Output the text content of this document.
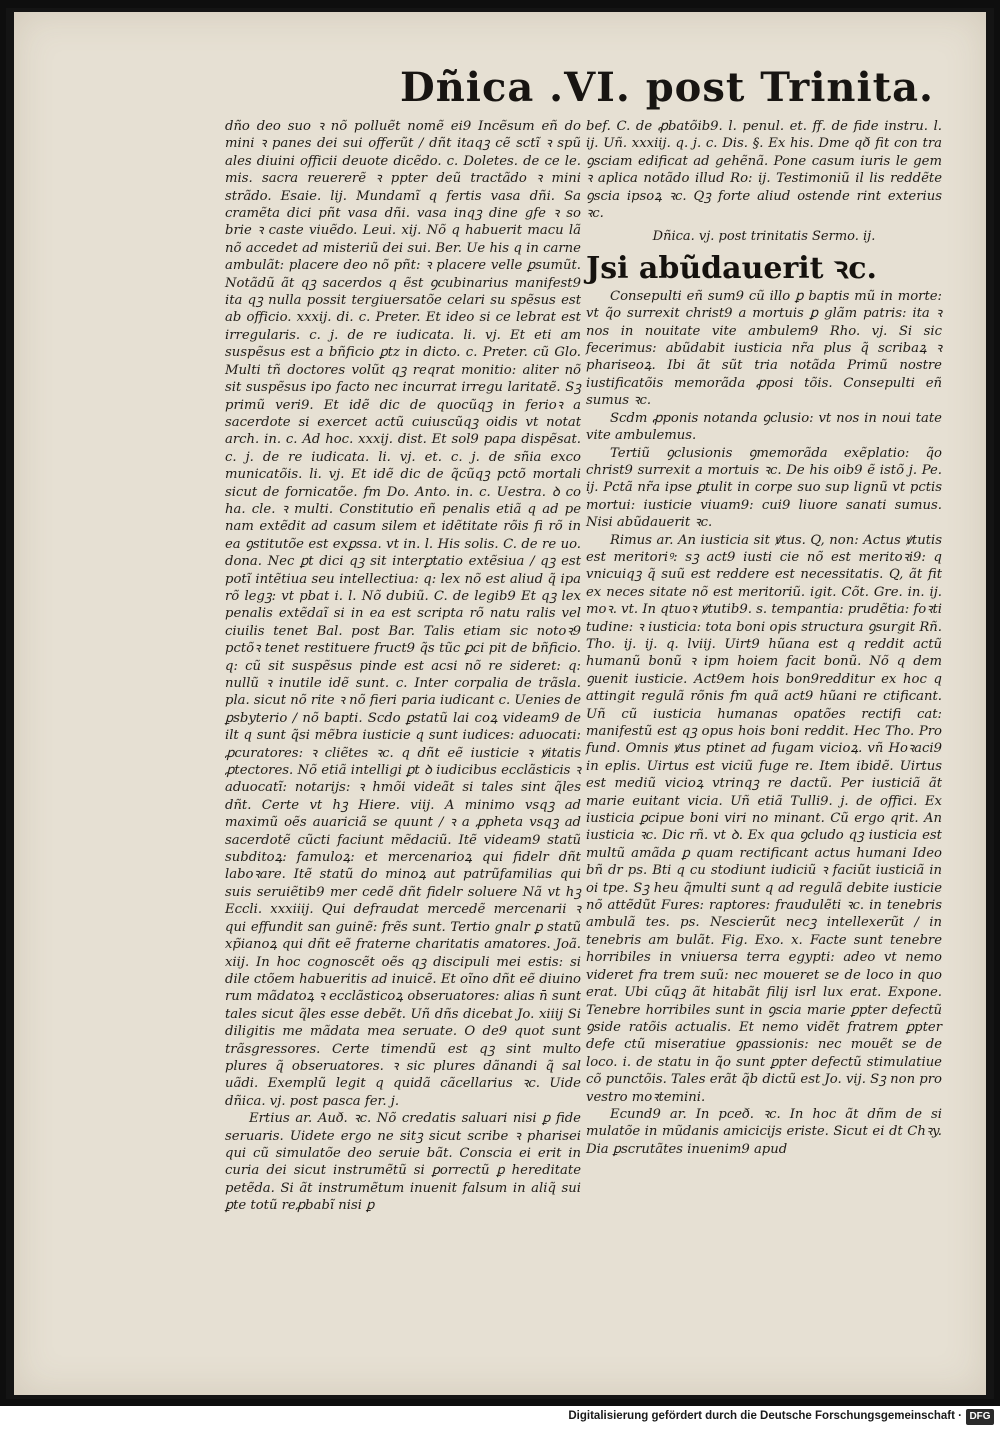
Dñica .VI. post Trinita.

dño deo suo ꝛ nõ polluẽt nomẽ ei9 Incẽsum eñ do mini ꝛ panes dei sui offerũt / dñt itaqꝫ cẽ sctĩ ꝛ spũ ales diuini officii deuote dicẽdo. c. Doletes. de ce le. mis. sacra reuererẽ ꝛ ppter deũ tractãdo ꝛ mini strãdo. Esaie. lij. Mundamĩ q fertis vasa dñi. Sa cramẽta dici pñt vasa dñi. vasa inqꝫ dine gfe ꝛ so brie ꝛ caste viuẽdo. Leui. xij. Nõ q habuerit macu lã nõ accedet ad misteriũ dei sui. Ber. Ue his q in carne ambulãt: placere deo nõ pñt: ꝛ placere velle ꝑsumũt. Notãdũ ãt qꝫ sacerdos q ẽst ꝯcubinarius manifest9 ita qꝫ nulla possit tergiuersatõe celari su spẽsus est ab officio. xxxij. di. c. Preter. Et ideo si ce lebrat est irregularis. c. j. de re iudicata. li. vj. Et eti am suspẽsus est a bñficio ꝑtz in dicto. c. Preter. cũ Glo. Multi tñ doctores volũt qꝫ reqrat monitio: aliter nõ sit suspẽsus ipo facto nec incurrat irregu laritatẽ. Sꝫ primũ veri9. Et idẽ dic de quocũqꝫ in ferioꝛ a sacerdote si exercet actũ cuiuscũqꝫ oidis vt notat arch. in. c. Ad hoc. xxxij. dist. Et sol9 papa dispẽsat. c. j. de re iudicata. li. vj. et. c. j. de sñia exco municatõis. li. vj. Et idẽ dic de q̃cũqꝫ pctõ mortali sicut de fornicatõe. fm Do. Anto. in. c. Uestra. ꝺ co ha. cle. ꝛ multi. Constitutio eñ penalis etiã q ad pe nam extẽdit ad casum silem et idẽtitate rõis fi rõ in ea ꝯstitutõe est exꝑssa. vt in. l. His solis. C. de re uo. dona. Nec ꝑt dici qꝫ sit interꝑtatio extẽsiua / qꝫ est potĩ intẽtiua seu intellectiua: q: lex nõ est aliud q̃ ipa rõ legꝫ: vt pbat i. l. Nõ dubiũ. C. de legib9 Et qꝫ lex penalis extẽdaĩ si in ea est scripta rõ natu ralis vel ciuilis tenet Bal. post Bar. Talis etiam sic notoꝛ9 pctõꝛ tenet restituere fruct9 q̃s tũc ꝑci pit de bñficio. q: cũ sit suspẽsus pinde est acsi nõ re sideret: q: nullũ ꝛ inutile idẽ sunt. c. Inter corpalia de trãsla. pla. sicut nõ rite ꝛ nõ fieri paria iudicant c. Uenies de ꝑsbyterio / nõ bapti. Scdo ꝑstatũ lai coꝝ videam9 de ilt q sunt q̃si mẽbra iusticie q sunt iudices: aduocati: ꝓcuratores: ꝛ cliẽtes ꝛc. q dñt eẽ iusticie ꝛ ꝟitatis ꝓtectores. Nõ etiã intelligi ꝑt ꝺ iudicibus ecclãsticis ꝛ aduocatĩ: notarijs: ꝛ hmõi videãt si tales sint q̃les dñt. Certe vt hꝫ Hiere. viij. A minimo vsqꝫ ad maximũ oẽs auariciã se quunt / ꝛ a ꝓpheta vsqꝫ ad sacerdotẽ cũcti faciunt mẽdaciũ. Itẽ videam9 statũ subditoꝝ: famuloꝝ: et mercenarioꝝ qui fidelr dñt laboꝛare. Itẽ statũ do minoꝝ aut patrũfamilias qui suis seruiẽtib9 mer cedẽ dñt fidelr soluere Nã vt hꝫ Eccli. xxxiiij. Qui defraudat mercedẽ mercenarii ꝛ qui effundit san guinẽ: frẽs sunt. Tertio gnalr ꝑ statũ xp̃ianoꝝ qui dñt eẽ fraterne charitatis amatores. Joã. xiij. In hoc cognoscẽt oẽs qꝫ discipuli mei estis: si dile ctõem habueritis ad inuicẽ. Et oĩno dñt eẽ diuino rum mãdatoꝝ ꝛ ecclãsticoꝝ obseruatores: alias n̄ sunt tales sicut q̃les esse debẽt. Uñ dñs dicebat Jo. xiiij Si diligitis me mãdata mea seruate. O de9 quot sunt trãsgressores. Certe timendũ est qꝫ sint multo plures q̃ obseruatores. ꝛ sic plures dãnandi q̃ sal uãdi. Exemplũ legit q quidã cãcellarius ꝛc. Uide dñica. vj. post pasca fer. j.

Ertius ar. Auð. ꝛc. Nõ credatis saluari nisi ꝑ fide seruaris. Uidete ergo ne sitꝫ sicut scribe ꝛ pharisei qui cũ simulatõe deo seruie bãt. Conscia ei erit in curia dei sicut instrumẽtũ si ꝑorrectũ ꝑ hereditate petẽda. Si ãt instrumẽtum inuenit falsum in aliq̃ sui ꝑte totũ reꝓbabĩ nisi ꝑ

bef. C. de ꝓbatõib9. l. penul. et. ff. de fide instru. l. ij. Uñ. xxxiij. q. j. c. Dis. §. Ex his. Dme qð fit con tra ꝯsciam edificat ad gehẽnã. Pone casum iuris le gem ꝛ aplica notãdo illud Ro: ij. Testimoniũ il lis reddẽte ꝯscia ipsoꝝ ꝛc. Qꝫ forte aliud ostende rint exterius ꝛc.

Dñica. vj. post trinitatis Sermo. ij.

Jsi abũdauerit ꝛc.

Consepulti eñ sum9 cũ illo ꝑ baptis mũ in morte: vt q̃o surrexit christ9 a mortuis ꝑ glãm patris: ita ꝛ nos in nouitate vite ambulem9 Rho. vj. Si sic fecerimus: abũdabit iusticia nr̃a plus q̃ scribaꝝ ꝛ phariseoꝝ. Ibi ãt sũt tria notãda Primũ nostre iustificatõis memorãda ꝓposi tõis. Consepulti eñ sumus ꝛc.

Scdm ꝓponis notanda ꝯclusio: vt nos in noui tate vite ambulemus.

Tertiũ ꝯclusionis ꝯmemorãda exẽplatio: q̃o christ9 surrexit a mortuis ꝛc. De his oib9 ẽ istõ j. Pe. ij. Pctã nr̃a ipse ꝑtulit in corpe suo sup lignũ vt pctis mortui: iusticie viuam9: cui9 liuore sanati sumus. Nisi abũdauerit ꝛc.

Rimus ar. An iusticia sit ꝟtus. Q, non: Actus ꝟtutis est meritoriꝰ: sꝫ act9 iusti cie nõ est meritoꝛi9: q vnicuiqꝫ q̃ suũ est reddere est necessitatis. Q, ãt fit ex neces sitate nõ est meritoriũ. igit. Cõt. Gre. in. ij. moꝛ. vt. In qtuoꝛ ꝟtutib9. s. tempantia: prudẽtia: foꝛti tudine: ꝛ iusticia: tota boni opis structura ꝯsurgit Rñ. Tho. ij. ij. q. lviij. Uirt9 hũana est q reddit actũ humanũ bonũ ꝛ ipm hoiem facit bonũ. Nõ q dem ꝯuenit iusticie. Act9em hois bon9redditur ex hoc q attingit regulã rõnis fm quã act9 hũani re ctificant. Uñ cũ iusticia humanas opatões rectifi cat: manifestũ est qꝫ opus hois boni reddit. Hec Tho. Pro fund. Omnis ꝟtus ptinet ad fugam vicioꝝ. vñ Hoꝛaci9 in eplis. Uirtus est viciũ fuge re. Item ibidẽ. Uirtus est mediũ vicioꝝ vtrinqꝫ re dactũ. Per iusticiã ãt marie euitant vicia. Uñ etiã Tulli9. j. de offici. Ex iusticia ꝑcipue boni viri no minant. Cũ ergo qrit. An iusticia ꝛc. Dic rñ. vt ꝺ. Ex qua ꝯcludo qꝫ iusticia est multũ amãda ꝑ quam rectificant actus humani Ideo bñ dr ps. Bti q cu stodiunt iudiciũ ꝛ faciũt iusticiã in oi tpe. Sꝫ heu q̃multi sunt q ad regulã debite iusticie nõ attẽdũt Fures: raptores: fraudulẽti ꝛc. in tenebris ambulã tes. ps. Nescierũt necꝫ intellexerũt / in tenebris am bulãt. Fig. Exo. x. Facte sunt tenebre horribiles in vniuersa terra egypti: adeo vt nemo videret fra trem suũ: nec moueret se de loco in quo erat. Ubi cũqꝫ ãt hitabãt filij isrl lux erat. Expone. Tenebre horribiles sunt in ꝯscia marie ꝑpter defectũ ꝯside ratõis actualis. Et nemo vidẽt fratrem ꝑpter defe ctũ miseratiue ꝯpassionis: nec mouẽt se de loco. i. de statu in q̃o sunt ꝑpter defectũ stimulatiue cõ punctõis. Tales erãt q̃b dictũ est Jo. vij. Sꝫ non pro vestro moꝛtemini.

Ecund9 ar. In pceð. ꝛc. In hoc ãt dñm de si mulatõe in mũdanis amicicijs eriste. Sicut ei dt Chꝛy. Dia ꝑscrutãtes inuenim9 apud

Digitalisierung gefördert durch die Deutsche Forschungsgemeinschaft · DFG
